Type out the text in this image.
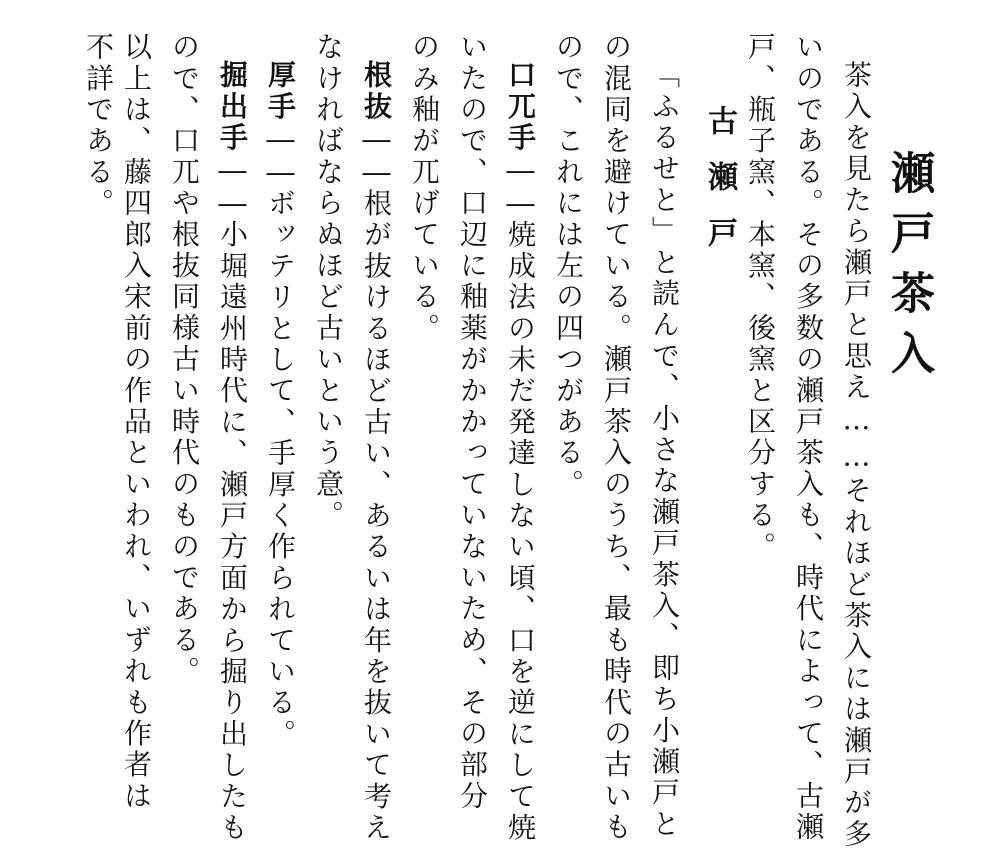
瀬戸茶入
茶入を見たら瀬戸と思え……それほど茶入には瀬戸が多
いのである。その多数の瀬戸茶入も、時代によって、古瀬
戸、瓶子窯、本窯、後窯と区分する。
古瀬戸
「ふるせと」と読んで、小さな瀬戸茶入、即ち小瀬戸と
の混同を避けている。瀬戸茶入のうち、最も時代の古いも
ので、これには左の四つがある。
口兀手――焼成法の未だ発達しない頃、口を逆にして焼
いたので、口辺に釉薬がかかっていないため、その部分
のみ釉が兀げている。
根抜――根が抜けるほど古い、あるいは年を抜いて考え
なければならぬほど古いという意。
厚手――ボッテリとして、手厚く作られている。
掘出手――小堀遠州時代に、瀬戸方面から掘り出したも
ので、口兀や根抜同様古い時代のものである。
以上は、藤四郎入宋前の作品といわれ、いずれも作者は
不詳である。
